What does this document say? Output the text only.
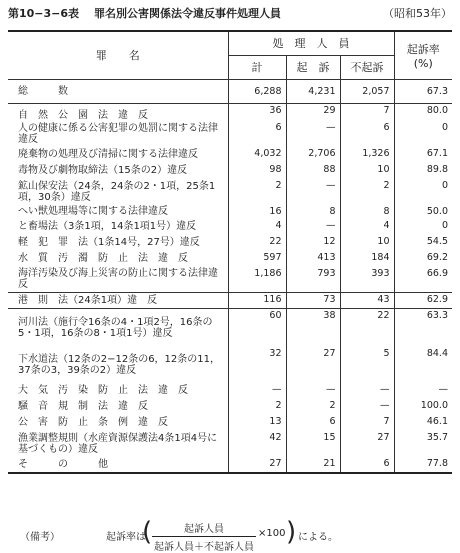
第10−3−6表 罪名別公害関係法令違反事件処理人員	（昭和53年）
罪　　名	処　理　人　員			起訴率
(%)

	計	起　訴	不起訴	
総　　　数	6,288	4,231	2,057	67.3
自　然　公　園　法　違　反	36	29	7	80.0
人の健康に係る公害犯罪の処罰に関する法律違反	6	—	6	0
廃棄物の処理及び清掃に関する法律違反	4,032	2,706	1,326	67.1
毒物及び劇物取締法（15条の2）違反	98	88	10	89.8
鉱山保安法（24条，24条の2・1項，25条1項，30条）違反	2	—	2	0
へい獣処理場等に関する法律違反	16	8	8	50.0
と畜場法（3条1項，14条1項1号）違反	4	—	4	0
軽　犯　罪　法（1条14号，27号）違反	22	12	10	54.5
水　質　汚　濁　防　止　法　違　反	597	413	184	69.2
海洋汚染及び海上災害の防止に関する法律違反	1,186	793	393	66.9
港　則　法（24条1項）違　反	116	73	43	62.9
河川法（施行令16条の4・1項2号，16条の5・1項，16条の8・1項1号）違反	60	38	22	63.3
下水道法（12条の2−12条の6，12条の11，37条の3，39条の2）違反	32	27	5	84.4
大　気　汚　染　防　止　法　違　反	—	—	—	—
騒　音　規　制　法　違　反	2	2	—	100.0
公　害　防　止　条　例　違　反	13	6	7	46.1
漁業調整規則（水産資源保護法4条1項4号に基づくもの）違反	42	15	27	35.7
そ　　　の　　　他	27	21	6	77.8
（備考）	起訴率は
(	起訴人員
起訴人員＋不起訴人員
×100 ) による。
